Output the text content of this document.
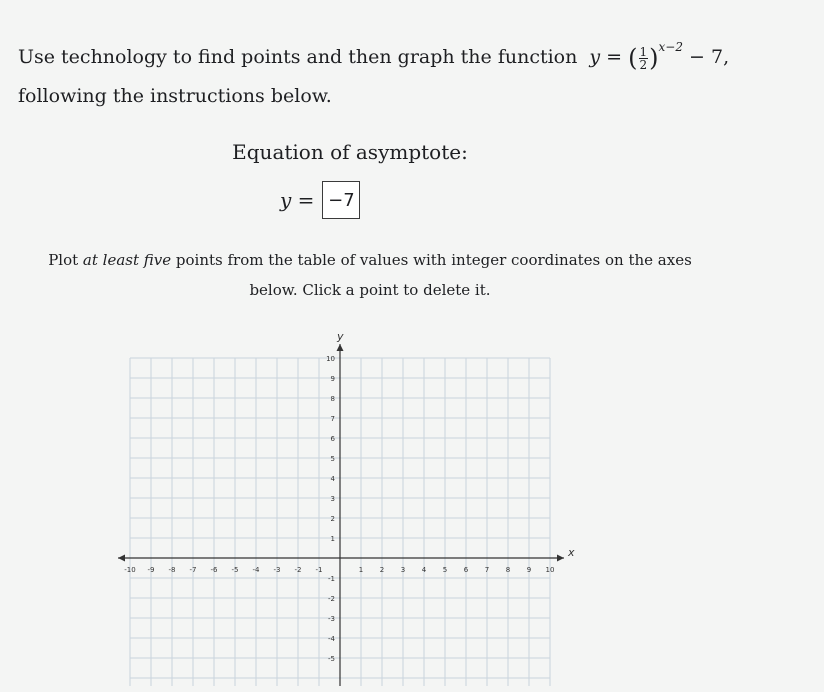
Use technology to find points and then graph the function y = ( $\frac{1}{2} )^{x-2} - 7$,
following the instructions below.
Equation of asymptote:
y = −7
Plot at least five points from the table of values with integer coordinates on the axes below. Click a point to delete it.
-10 -9 -8 -7 -6 -5 -4 -3 -2 -1	1 2 3 4 5 6 7 8 9 10
10
9
8
7
6
5
4
3
2
1
-1
-2
-3
-4
-5
x
y
